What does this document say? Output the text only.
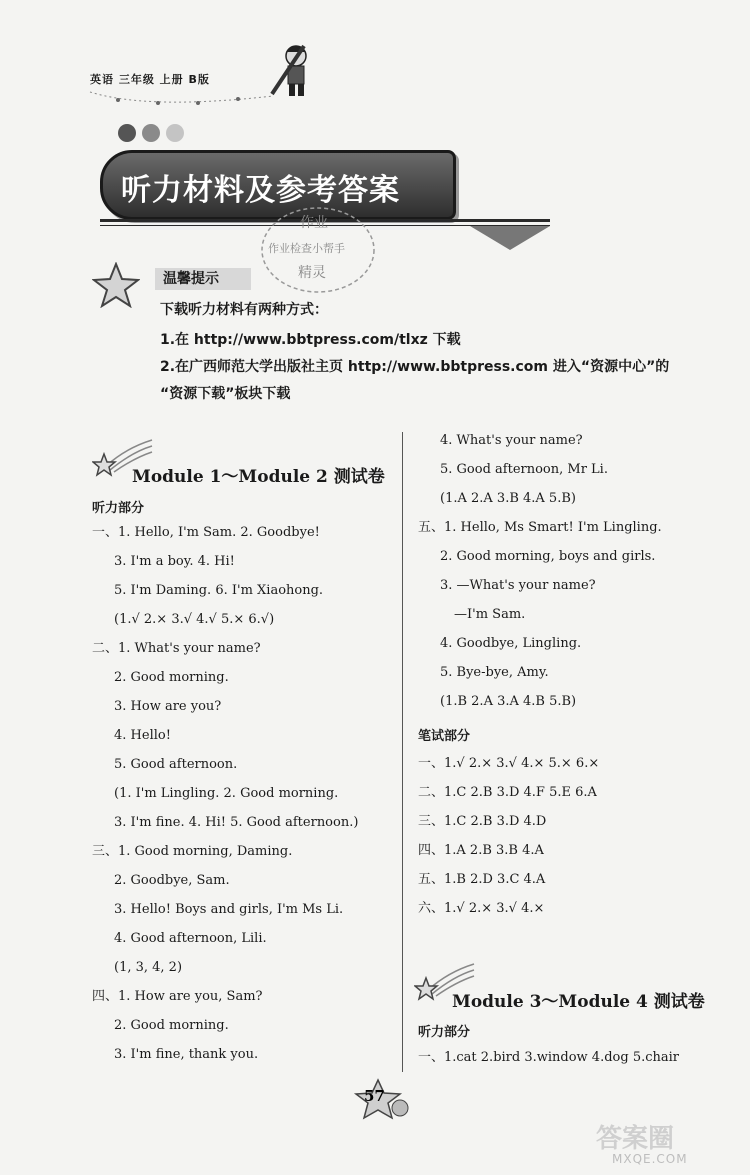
英语 三年级 上册 B版
听力材料及参考答案
作业
作业检查小帮手
精灵
温馨提示
下载听力材料有两种方式：
1.在 http://www.bbtpress.com/tlxz 下载
2.在广西师范大学出版社主页 http://www.bbtpress.com 进入“资源中心”的
“资源下载”板块下载
Module 1～Module 2 测试卷
听力部分
一、1. Hello, I'm Sam. 2. Goodbye!
3. I'm a boy. 4. Hi!
5. I'm Daming. 6. I'm Xiaohong.
(1.√ 2.× 3.√ 4.√ 5.× 6.√)
二、1. What's your name?
2. Good morning.
3. How are you?
4. Hello!
5. Good afternoon.
(1. I'm Lingling. 2. Good morning.
3. I'm fine. 4. Hi! 5. Good afternoon.)
三、1. Good morning, Daming.
2. Goodbye, Sam.
3. Hello! Boys and girls, I'm Ms Li.
4. Good afternoon, Lili.
(1, 3, 4, 2)
四、1. How are you, Sam?
2. Good morning.
3. I'm fine, thank you.
4. What's your name?
5. Good afternoon, Mr Li.
(1.A 2.A 3.B 4.A 5.B)
五、1. Hello, Ms Smart! I'm Lingling.
2. Good morning, boys and girls.
3. —What's your name?
—I'm Sam.
4. Goodbye, Lingling.
5. Bye-bye, Amy.
(1.B 2.A 3.A 4.B 5.B)
笔试部分
一、1.√ 2.× 3.√ 4.× 5.× 6.×
二、1.C 2.B 3.D 4.F 5.E 6.A
三、1.C 2.B 3.D 4.D
四、1.A 2.B 3.B 4.A
五、1.B 2.D 3.C 4.A
六、1.√ 2.× 3.√ 4.×
Module 3～Module 4 测试卷
听力部分
一、1.cat 2.bird 3.window 4.dog 5.chair
57
答案圈
MXQE.COM
